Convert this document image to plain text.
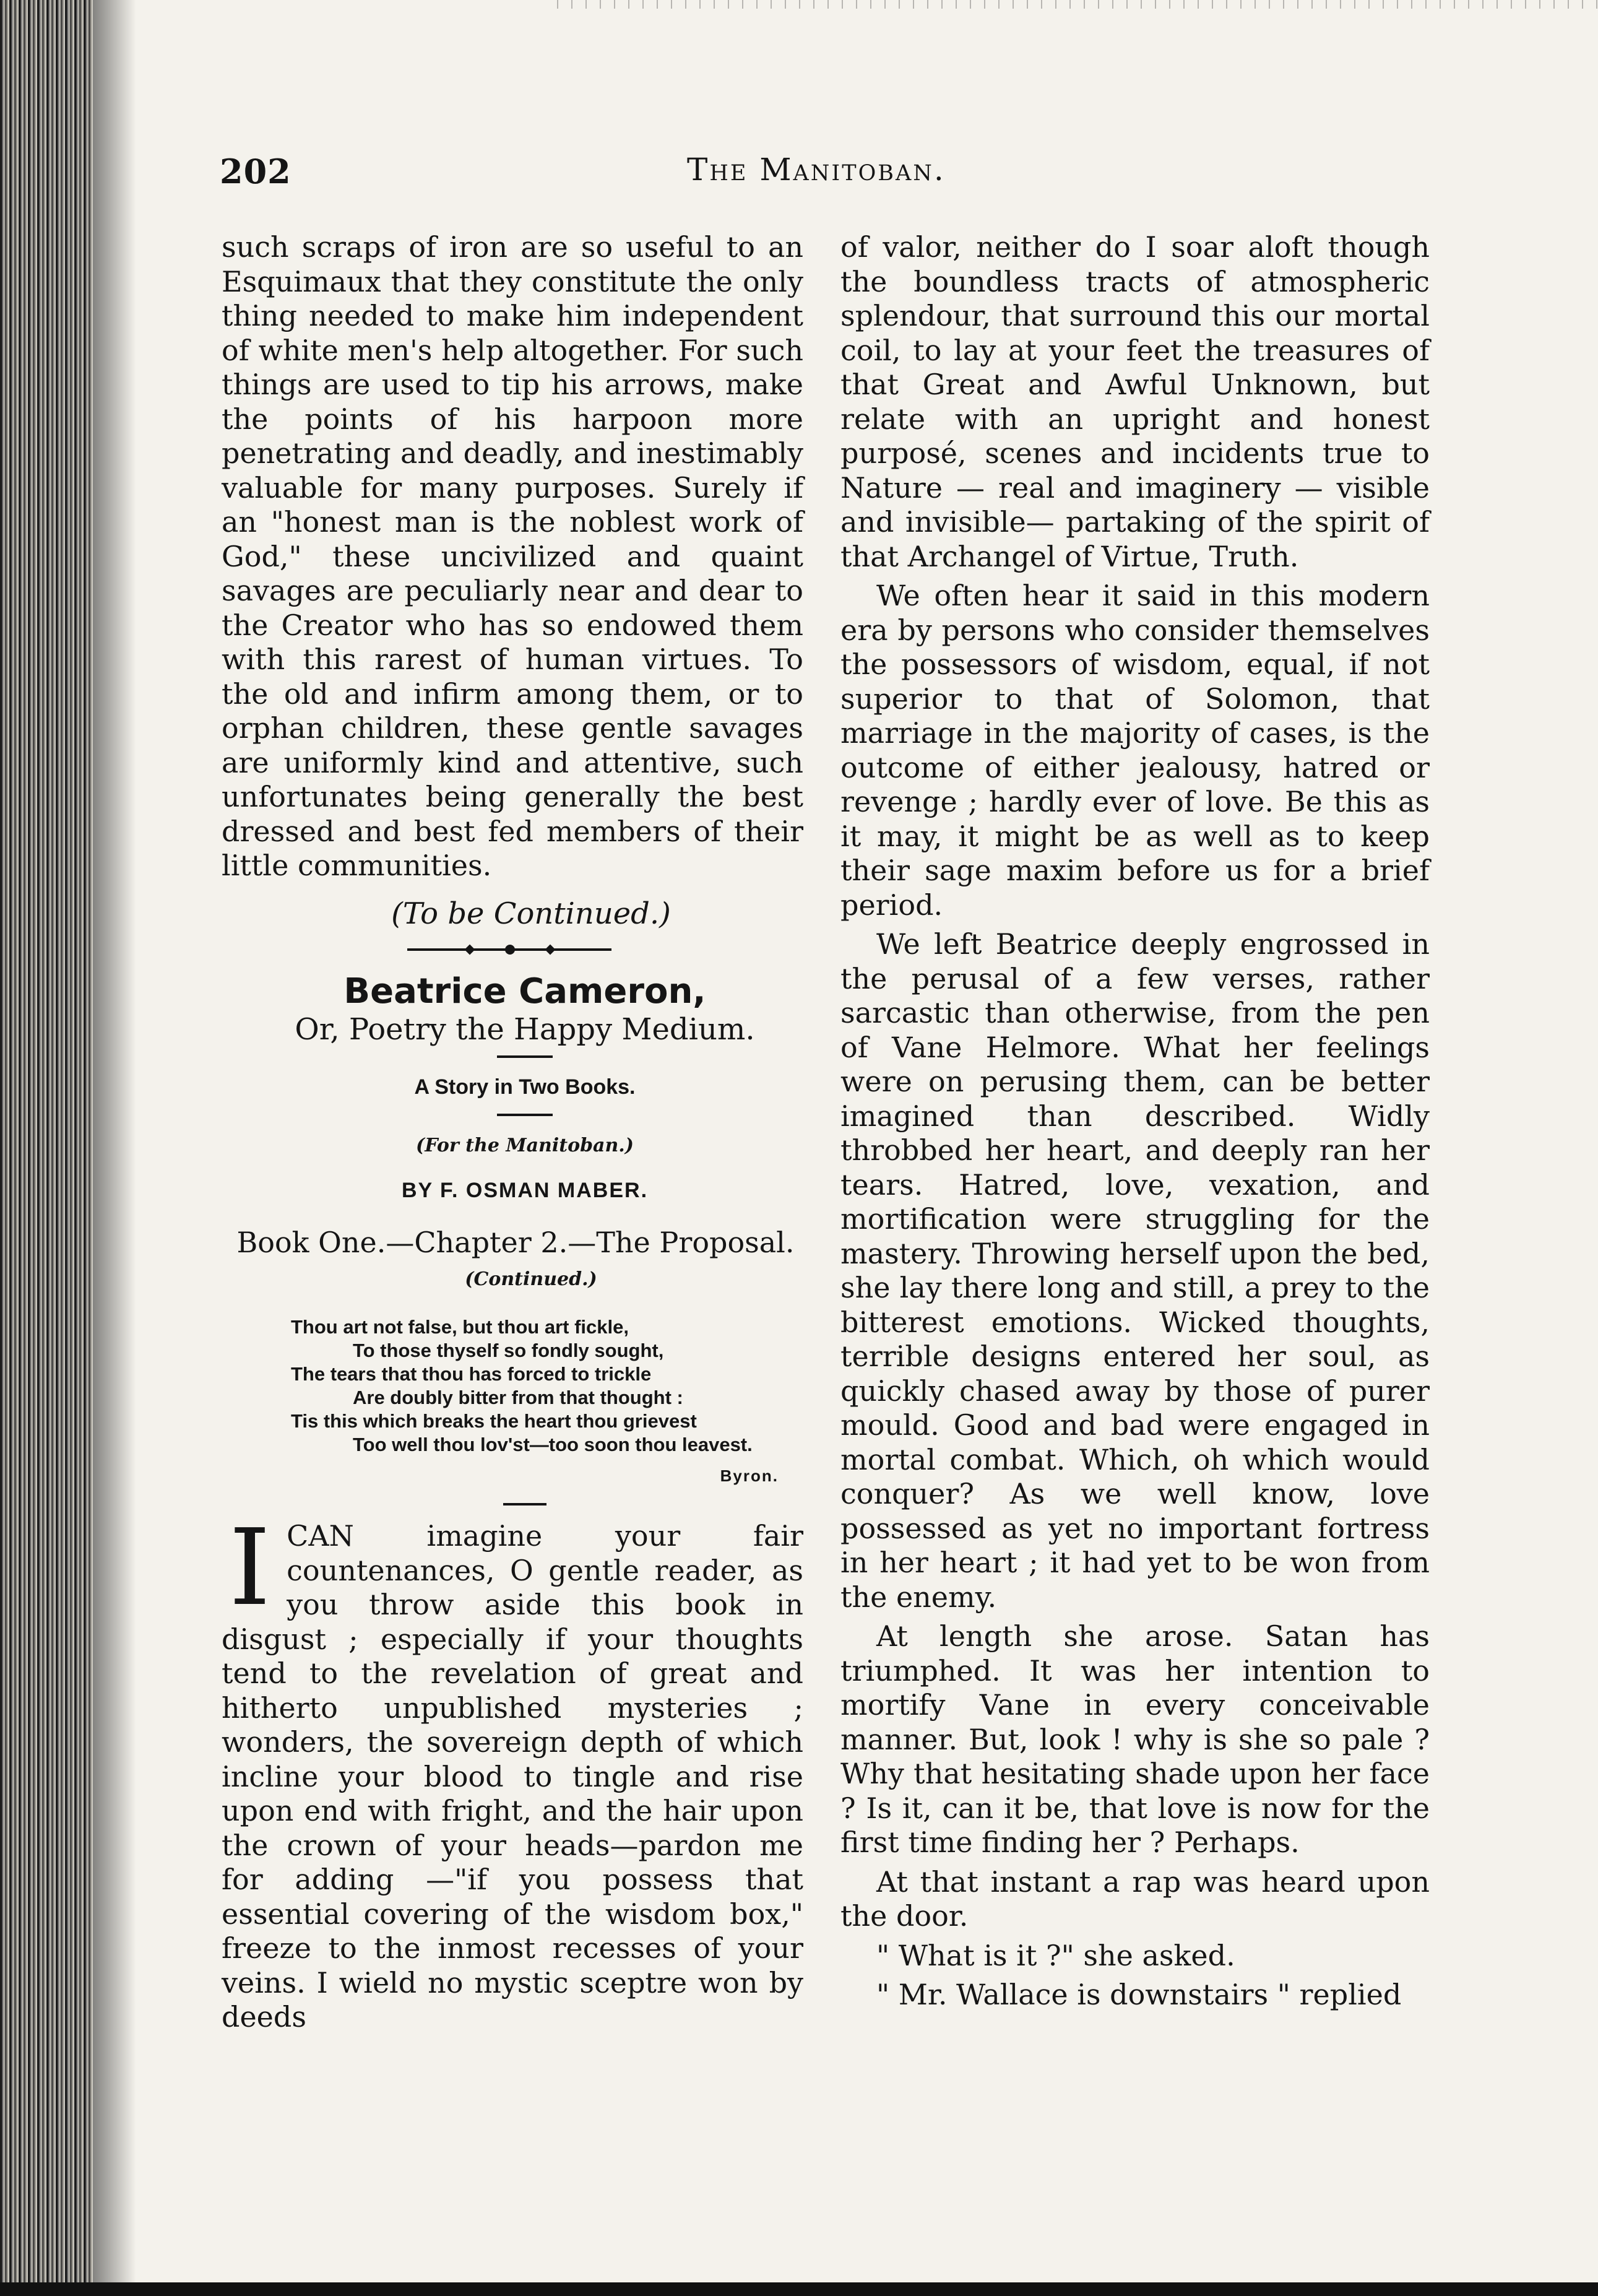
202	The Manitoban.

such scraps of iron are so useful to an Esquimaux that they constitute the only thing needed to make him independent of white men's help altogether. For such things are used to tip his arrows, make the points of his harpoon more penetrating and deadly, and inestimably valuable for many purposes. Surely if an "honest man is the noblest work of God," these uncivilized and quaint savages are peculiarly near and dear to the Creator who has so endowed them with this rarest of human virtues. To the old and infirm among them, or to orphan children, these gentle savages are uniformly kind and attentive, such unfortunates being generally the best dressed and best fed members of their little communities.

(To be Continued.)
Beatrice Cameron,
Or, Poetry the Happy Medium.
A Story in Two Books.
(For the Manitoban.)
BY F. OSMAN MABER.
Book One.—Chapter 2.—The Proposal.
(Continued.)
Thou art not false, but thou art fickle,
To those thyself so fondly sought,
The tears that thou has forced to trickle
Are doubly bitter from that thought :
Tis this which breaks the heart thou grievest
Too well thou lov'st—too soon thou leavest.
Byron.

ICAN imagine your fair countenances, O gentle reader, as you throw aside this book in disgust ; especially if your thoughts tend to the revelation of great and hitherto unpublished mysteries ; wonders, the sovereign depth of which incline your blood to tingle and rise upon end with fright, and the hair upon the crown of your heads—pardon me for adding —"if you possess that essential covering of the wisdom box," freeze to the inmost recesses of your veins. I wield no mystic sceptre won by deeds

of valor, neither do I soar aloft though the boundless tracts of atmospheric splendour, that surround this our mortal coil, to lay at your feet the treasures of that Great and Awful Unknown, but relate with an upright and honest purposé, scenes and incidents true to Nature — real and imaginery — visible and invisible— partaking of the spirit of that Archangel of Virtue, Truth.

We often hear it said in this modern era by persons who consider themselves the possessors of wisdom, equal, if not superior to that of Solomon, that marriage in the majority of cases, is the outcome of either jealousy, hatred or revenge ; hardly ever of love. Be this as it may, it might be as well as to keep their sage maxim before us for a brief period.

We left Beatrice deeply engrossed in the perusal of a few verses, rather sarcastic than otherwise, from the pen of Vane Helmore. What her feelings were on perusing them, can be better imagined than described. Widly throbbed her heart, and deeply ran her tears. Hatred, love, vexation, and mortification were struggling for the mastery. Throwing herself upon the bed, she lay there long and still, a prey to the bitterest emotions. Wicked thoughts, terrible designs entered her soul, as quickly chased away by those of purer mould. Good and bad were engaged in mortal combat. Which, oh which would conquer? As we well know, love possessed as yet no important fortress in her heart ; it had yet to be won from the enemy.

At length she arose. Satan has triumphed. It was her intention to mortify Vane in every conceivable manner. But, look ! why is she so pale ? Why that hesitating shade upon her face ? Is it, can it be, that love is now for the first time finding her ? Perhaps.

At that instant a rap was heard upon the door.

" What is it ?" she asked.

" Mr. Wallace is downstairs " replied
